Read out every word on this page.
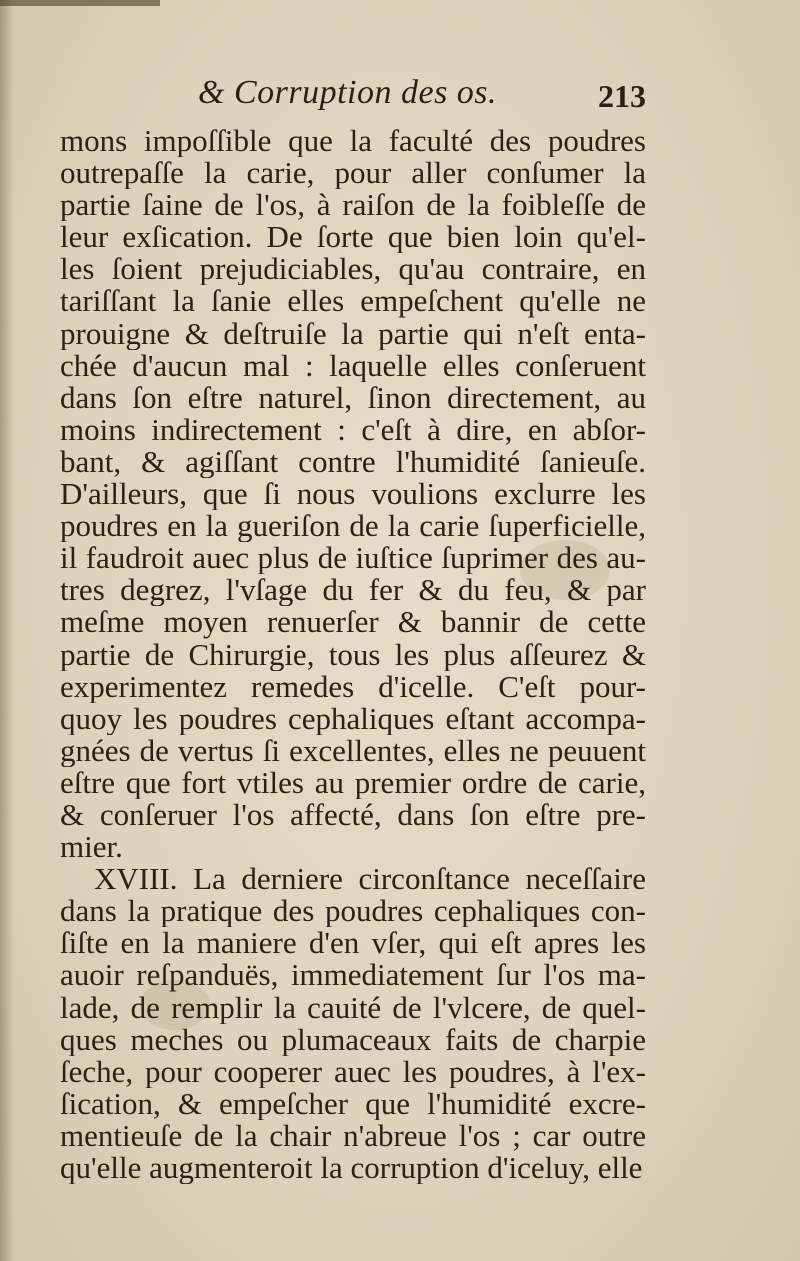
& Corruption des os.	213
mons impoſſible que la faculté des poudres
outrepaſſe la carie, pour aller conſumer la
partie ſaine de l'os, à raiſon de la foibleſſe de
leur exſication. De ſorte que bien loin qu'el-
les ſoient prejudiciables, qu'au contraire, en
tariſſant la ſanie elles empeſchent qu'elle ne
prouigne & deſtruiſe la partie qui n'eſt enta-
chée d'aucun mal : laquelle elles conſeruent
dans ſon eſtre naturel, ſinon directement, au
moins indirectement : c'eſt à dire, en abſor-
bant, & agiſſant contre l'humidité ſanieuſe.
D'ailleurs, que ſi nous voulions exclurre les
poudres en la gueriſon de la carie ſuperficielle,
il faudroit auec plus de iuſtice ſuprimer des au-
tres degrez, l'vſage du fer & du feu, & par
meſme moyen renuerſer & bannir de cette
partie de Chirurgie, tous les plus aſſeurez &
experimentez remedes d'icelle. C'eſt pour-
quoy les poudres cephaliques eſtant accompa-
gnées de vertus ſi excellentes, elles ne peuuent
eſtre que fort vtiles au premier ordre de carie,
& conſeruer l'os affecté, dans ſon eſtre pre-
mier.
XVIII. La derniere circonſtance neceſſaire
dans la pratique des poudres cephaliques con-
ſiſte en la maniere d'en vſer, qui eſt apres les
auoir reſpanduës, immediatement ſur l'os ma-
lade, de remplir la cauité de l'vlcere, de quel-
ques meches ou plumaceaux faits de charpie
ſeche, pour cooperer auec les poudres, à l'ex-
ſication, & empeſcher que l'humidité excre-
mentieuſe de la chair n'abreue l'os ; car outre
qu'elle augmenteroit la corruption d'iceluy, elle
